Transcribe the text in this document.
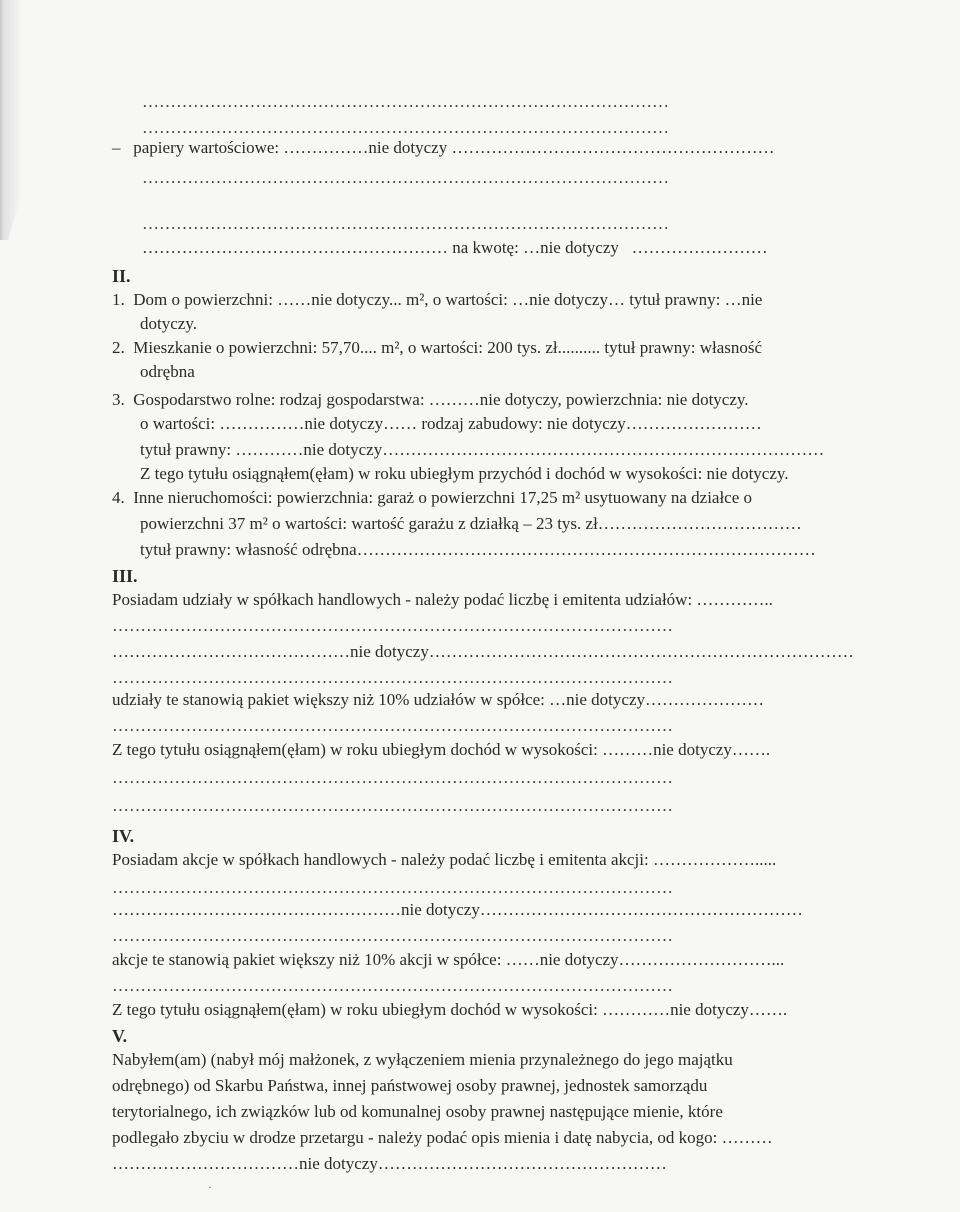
…………………………………………………………………………………
…………………………………………………………………………………
–   papiery wartościowe: ……………nie dotyczy …………………………………………………
…………………………………………………………………………………
…………………………………………………………………………………
……………………………………………… na kwotę: …nie dotyczy   ……………………
II.
1.  Dom o powierzchni: ……nie dotyczy... m², o wartości: …nie dotyczy… tytuł prawny: …nie
dotyczy.
2.  Mieszkanie o powierzchni: 57,70.... m², o wartości: 200 tys. zł.......... tytuł prawny: własność
odrębna
3.  Gospodarstwo rolne: rodzaj gospodarstwa: ………nie dotyczy, powierzchnia: nie dotyczy.
o wartości: ……………nie dotyczy…… rodzaj zabudowy: nie dotyczy……………………
tytuł prawny: …………nie dotyczy……………………………………………………………………
Z tego tytułu osiągnąłem(ęłam) w roku ubiegłym przychód i dochód w wysokości: nie dotyczy.
4.  Inne nieruchomości: powierzchnia: garaż o powierzchni 17,25 m² usytuowany na działce o
powierzchni 37 m² o wartości: wartość garażu z działką – 23 tys. zł………………………………
tytuł prawny: własność odrębna………………………………………………………………………
III.
Posiadam udziały w spółkach handlowych - należy podać liczbę i emitenta udziałów: …………..
………………………………………………………………………………………
……………………………………nie dotyczy…………………………………………………………………
………………………………………………………………………………………
udziały te stanowią pakiet większy niż 10% udziałów w spółce: …nie dotyczy…………………
………………………………………………………………………………………
Z tego tytułu osiągnąłem(ęłam) w roku ubiegłym dochód w wysokości: ………nie dotyczy…….
………………………………………………………………………………………
………………………………………………………………………………………
IV.
Posiadam akcje w spółkach handlowych - należy podać liczbę i emitenta akcji: ……………….....
………………………………………………………………………………………
……………………………………………nie dotyczy…………………………………………………
………………………………………………………………………………………
akcje te stanowią pakiet większy niż 10% akcji w spółce: ……nie dotyczy………………………...
………………………………………………………………………………………
Z tego tytułu osiągnąłem(ęłam) w roku ubiegłym dochód w wysokości: …………nie dotyczy…….
V.
Nabyłem(am) (nabył mój małżonek, z wyłączeniem mienia przynależnego do jego majątku
odrębnego) od Skarbu Państwa, innej państwowej osoby prawnej, jednostek samorządu
terytorialnego, ich związków lub od komunalnej osoby prawnej następujące mienie, które
podlegało zbyciu w drodze przetargu - należy podać opis mienia i datę nabycia, od kogo: ………
……………………………nie dotyczy……………………………………………
·
